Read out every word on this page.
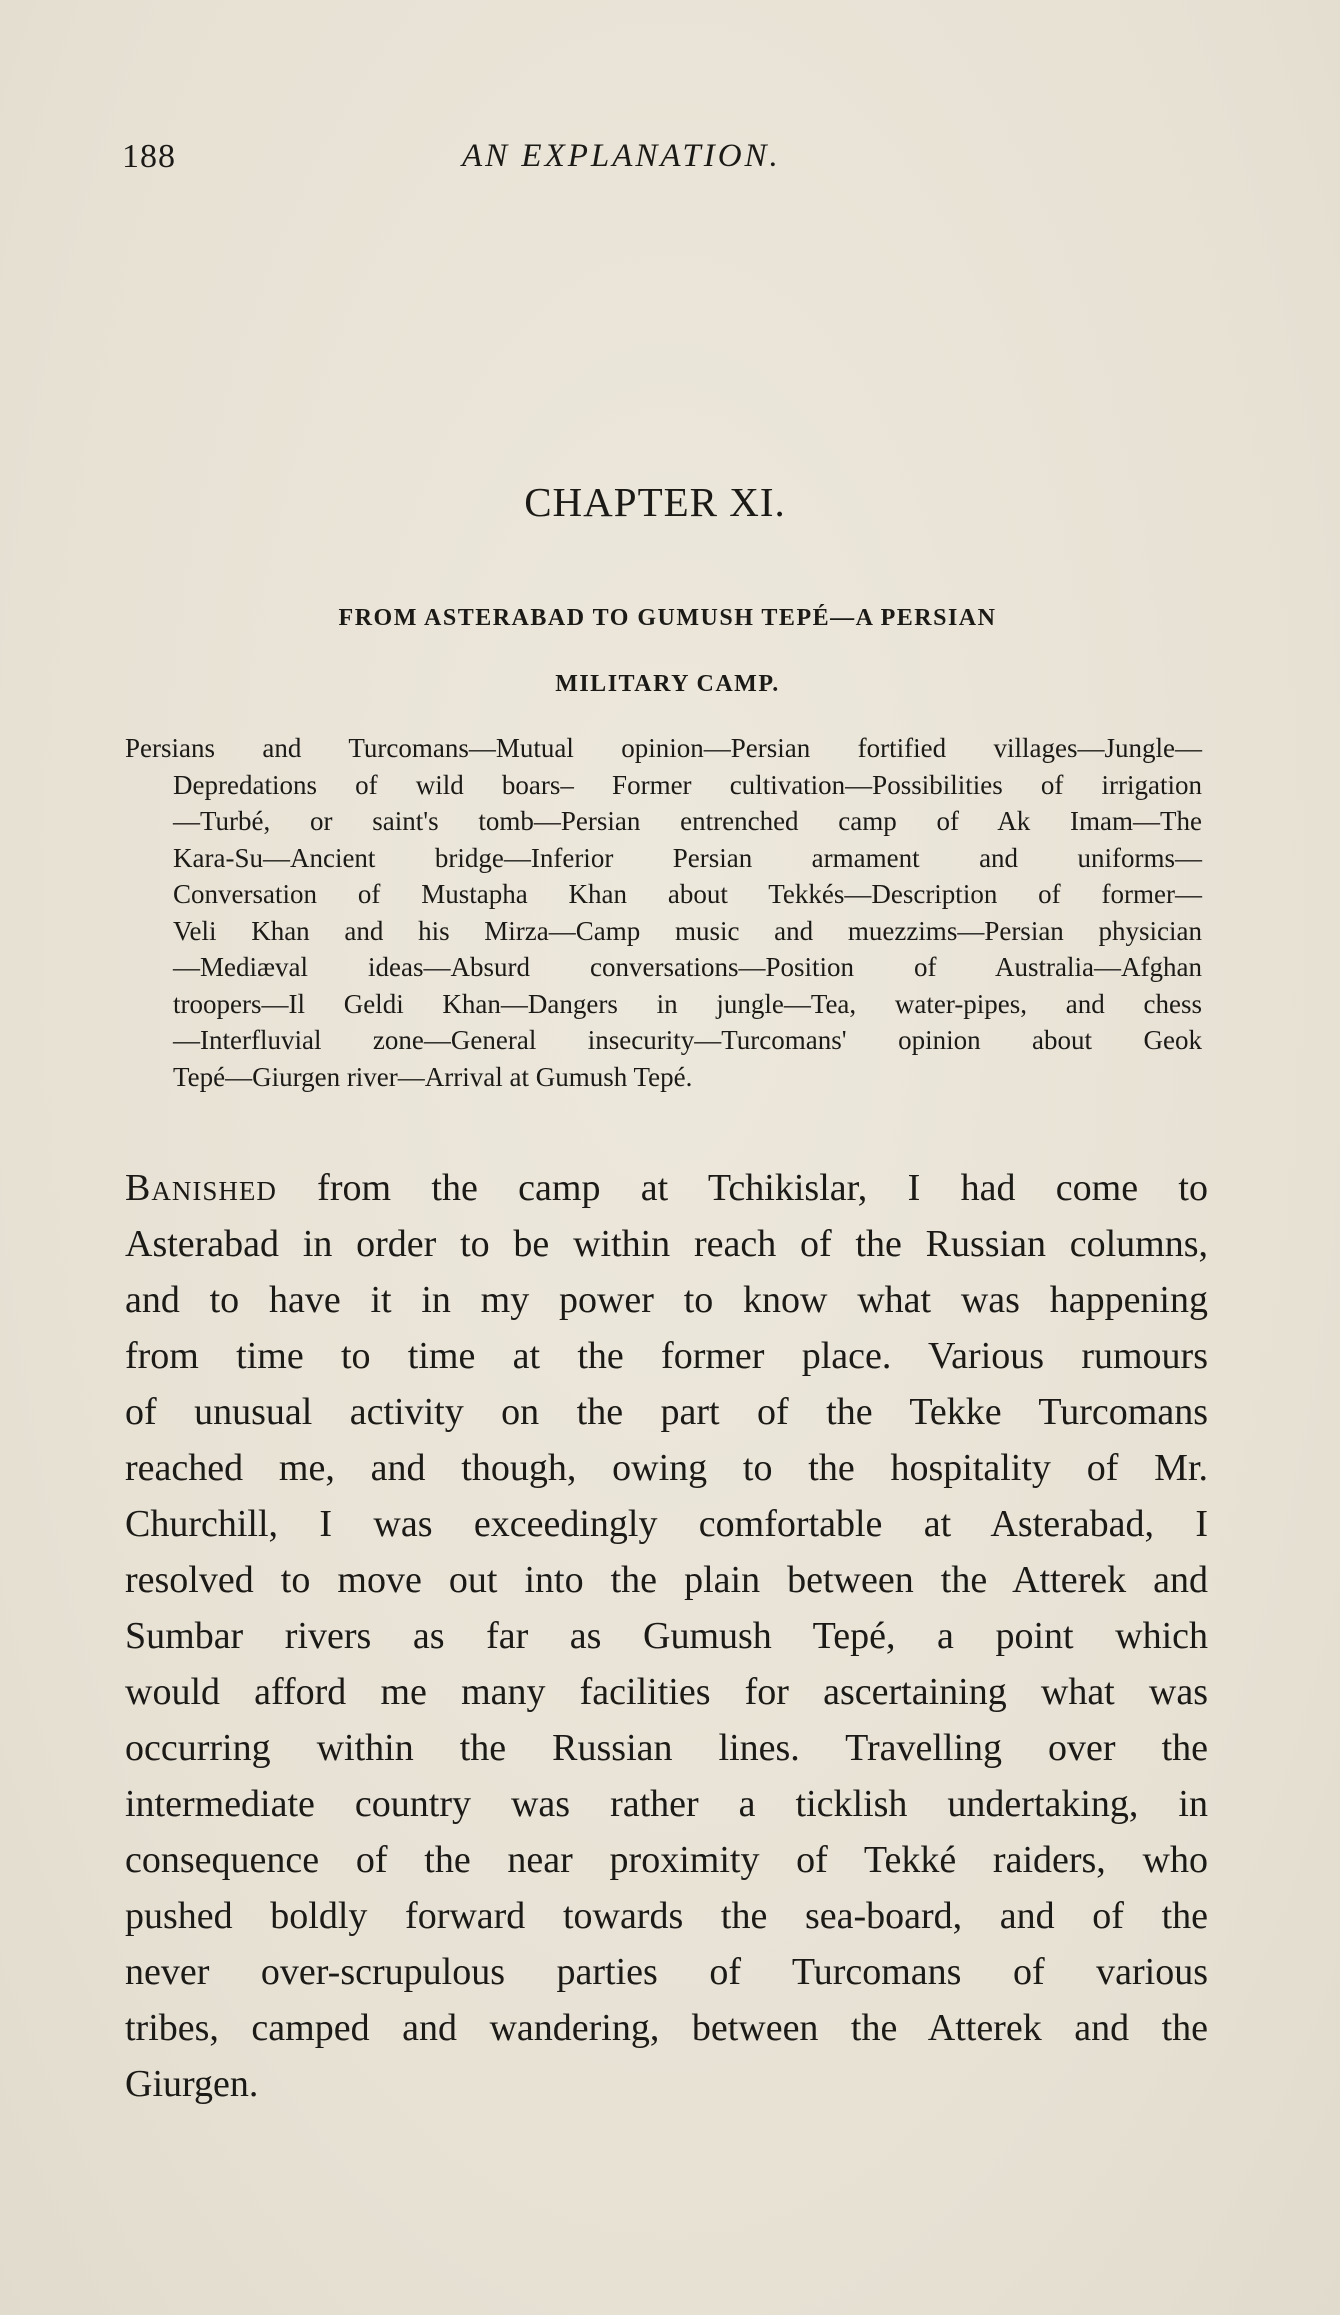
188	AN EXPLANATION.
CHAPTER XI.
FROM ASTERABAD TO GUMUSH TEPÉ—A PERSIAN
MILITARY CAMP.
Persians and Turcomans—Mutual opinion—Persian fortified villages—Jungle—
Depredations of wild boars– Former cultivation—Possibilities of irrigation
—Turbé, or saint's tomb—Persian entrenched camp of Ak Imam—The
Kara-Su—Ancient bridge—Inferior Persian armament and uniforms—
Conversation of Mustapha Khan about Tekkés—Description of former—
Veli Khan and his Mirza—Camp music and muezzims—Persian physician
—Mediæval ideas—Absurd conversations—Position of Australia—Afghan
troopers—Il Geldi Khan—Dangers in jungle—Tea, water-pipes, and chess
—Interfluvial zone—General insecurity—Turcomans' opinion about Geok
Tepé—Giurgen river—Arrival at Gumush Tepé.
Banished from the camp at Tchikislar, I had come to
Asterabad in order to be within reach of the Russian columns,
and to have it in my power to know what was happening
from time to time at the former place. Various rumours
of unusual activity on the part of the Tekke Turcomans
reached me, and though, owing to the hospitality of Mr.
Churchill, I was exceedingly comfortable at Asterabad, I
resolved to move out into the plain between the Atterek and
Sumbar rivers as far as Gumush Tepé, a point which
would afford me many facilities for ascertaining what was
occurring within the Russian lines. Travelling over the
intermediate country was rather a ticklish undertaking, in
consequence of the near proximity of Tekké raiders, who
pushed boldly forward towards the sea-board, and of the
never over-scrupulous parties of Turcomans of various
tribes, camped and wandering, between the Atterek and the
Giurgen.
